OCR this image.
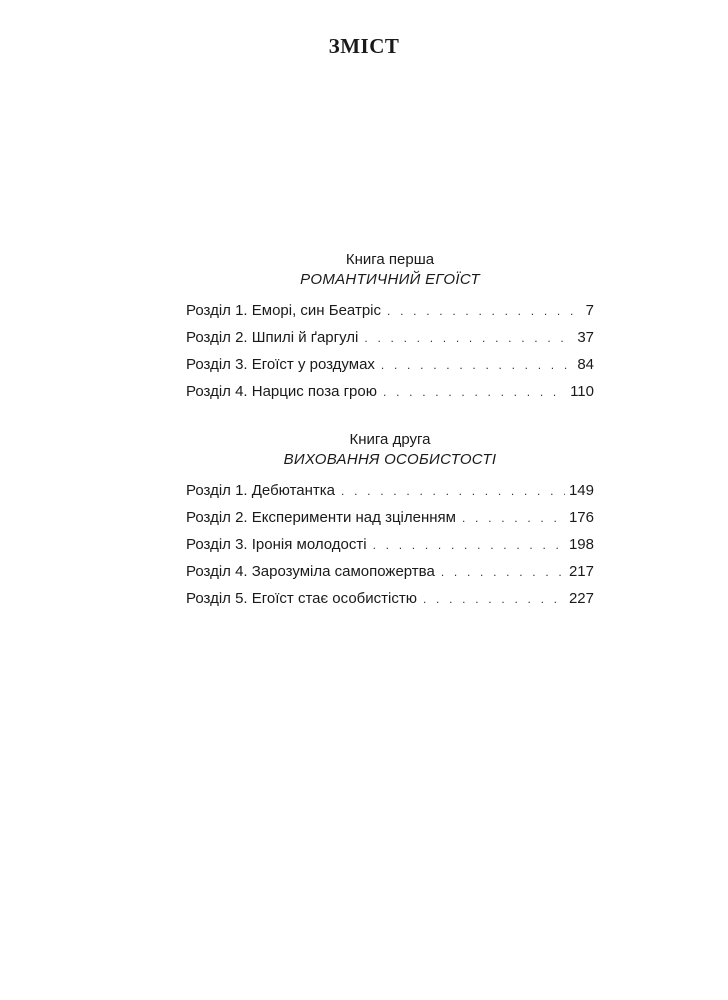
ЗМІСТ
Книга перша
РОМАНТИЧНИЙ ЕГОЇСТ
Розділ 1. Еморі, син Беатріс . . .	7
Розділ 2. Шпилі й ґаргулі . . .	37
Розділ 3. Егоїст у роздумах . . .	84
Розділ 4. Нарцис поза грою . . .	110
Книга друга
ВИХОВАННЯ ОСОБИСТОСТІ
Розділ 1. Дебютантка . . .	149
Розділ 2. Експерименти над зціленням . . .	176
Розділ 3. Іронія молодості . . .	198
Розділ 4. Зарозуміла самопожертва . . .	217
Розділ 5. Егоїст стає особистістю . . .	227
